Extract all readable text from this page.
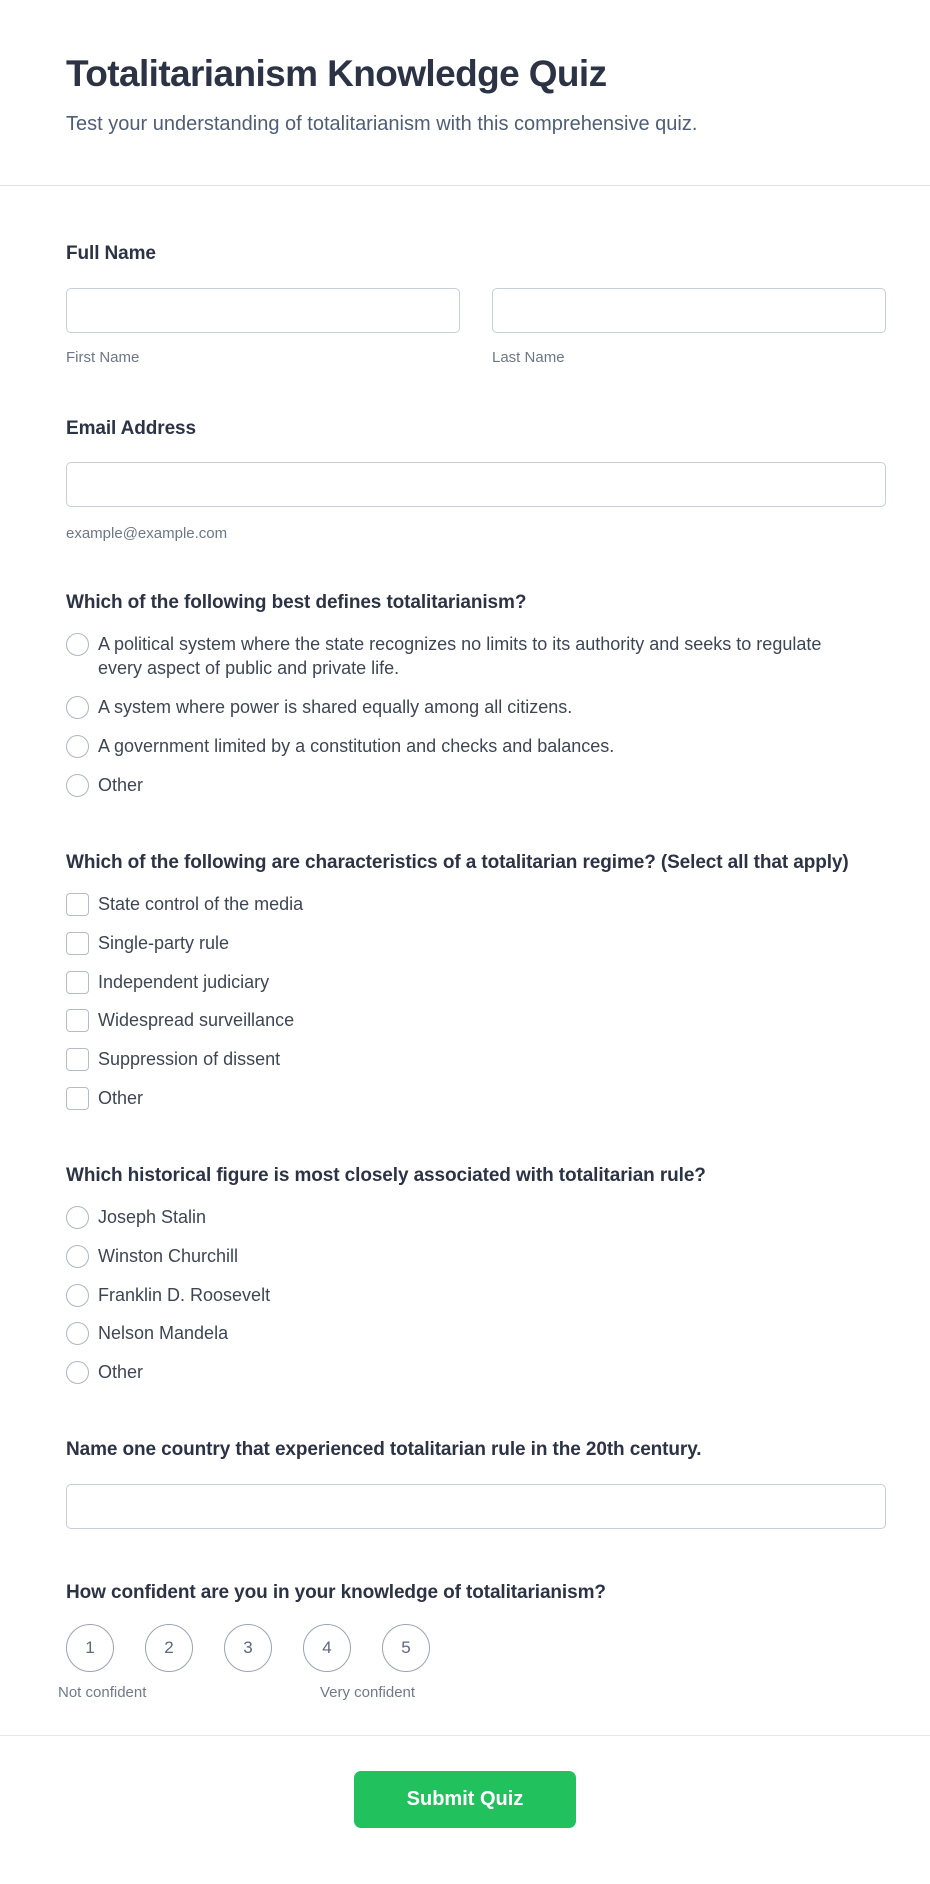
Totalitarianism Knowledge Quiz

Test your understanding of totalitarianism with this comprehensive quiz.

Full Name
First Name	Last Name
Email Address
example@example.com
Which of the following best defines totalitarianism?
A political system where the state recognizes no limits to its authority and seeks to regulate every aspect of public and private life.
A system where power is shared equally among all citizens.
A government limited by a constitution and checks and balances.
Other
Which of the following are characteristics of a totalitarian regime? (Select all that apply)
State control of the media
Single-party rule
Independent judiciary
Widespread surveillance
Suppression of dissent
Other
Which historical figure is most closely associated with totalitarian rule?
Joseph Stalin
Winston Churchill
Franklin D. Roosevelt
Nelson Mandela
Other
Name one country that experienced totalitarian rule in the 20th century.
How confident are you in your knowledge of totalitarianism?
1	2	3	4	5
Not confident	Very confident
Submit Quiz
